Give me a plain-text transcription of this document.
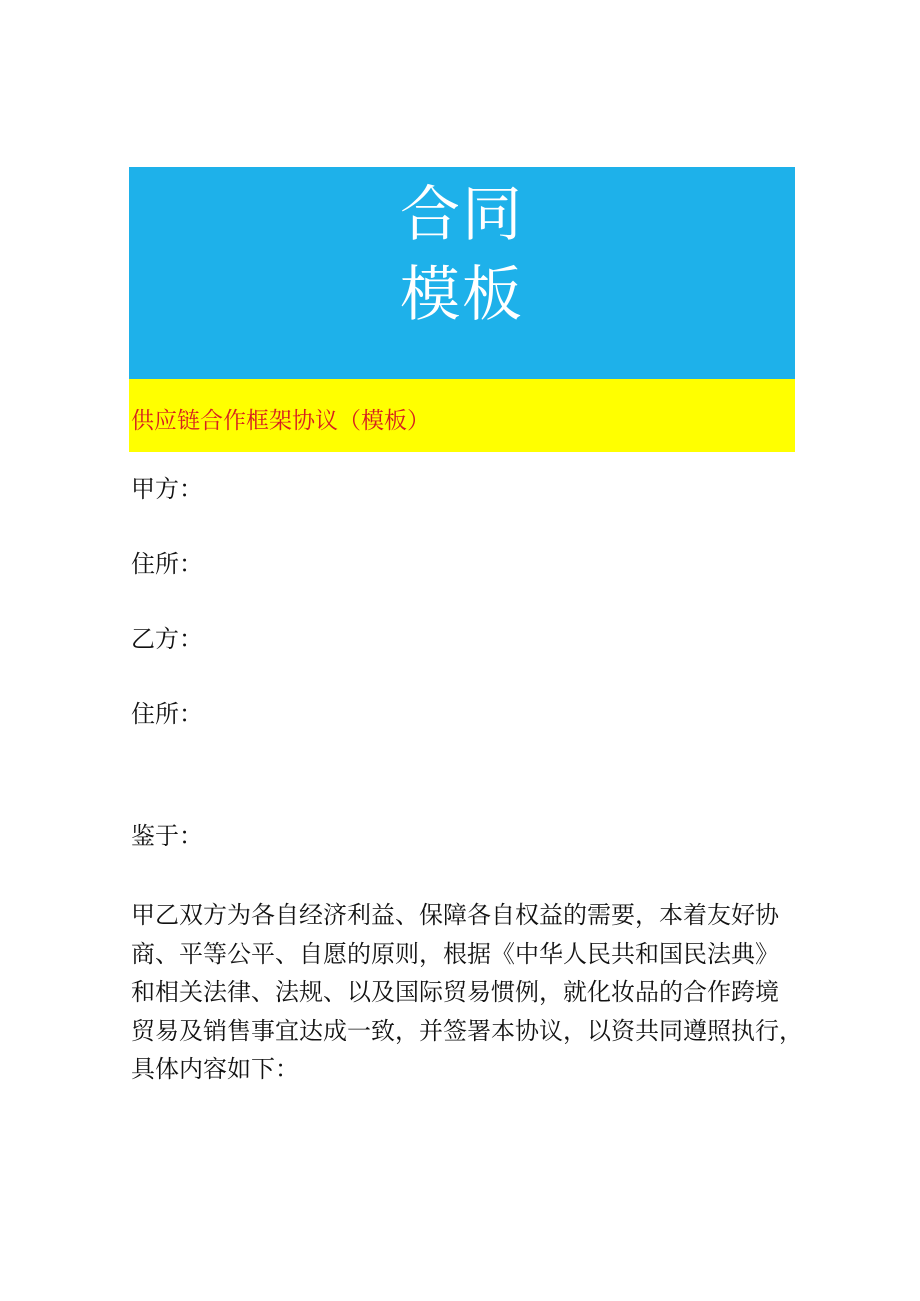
合同
模板
供应链合作框架协议（模板）
甲方：
住所：
乙方：
住所：
鉴于：
甲乙双方为各自经济利益、保障各自权益的需要，本着友好协
商、平等公平、自愿的原则，根据《中华人民共和国民法典》
和相关法律、法规、以及国际贸易惯例，就化妆品的合作跨境
贸易及销售事宜达成一致，并签署本协议，以资共同遵照执行，
具体内容如下：
